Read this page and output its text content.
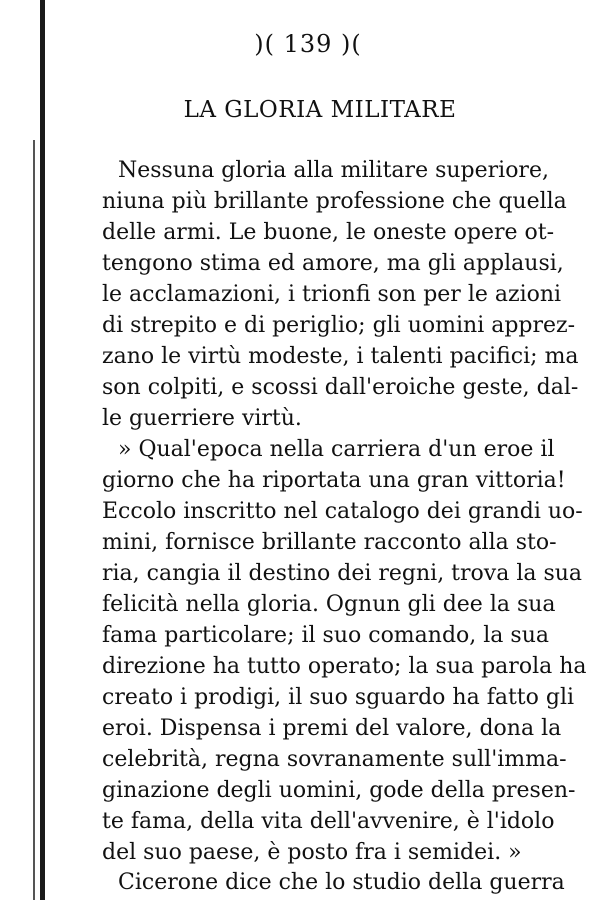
)( 139 )(
LA GLORIA MILITARE
Nessuna gloria alla militare superiore,
niuna più brillante professione che quella
delle armi. Le buone, le oneste opere ot-
tengono stima ed amore, ma gli applausi,
le acclamazioni, i trionfi son per le azioni
di strepito e di periglio; gli uomini apprez-
zano le virtù modeste, i talenti pacifici; ma
son colpiti, e scossi dall'eroiche geste, dal-
le guerriere virtù.
» Qual'epoca nella carriera d'un eroe il
giorno che ha riportata una gran vittoria!
Eccolo inscritto nel catalogo dei grandi uo-
mini, fornisce brillante racconto alla sto-
ria, cangia il destino dei regni, trova la sua
felicità nella gloria. Ognun gli dee la sua
fama particolare; il suo comando, la sua
direzione ha tutto operato; la sua parola ha
creato i prodigi, il suo sguardo ha fatto gli
eroi. Dispensa i premi del valore, dona la
celebrità, regna sovranamente sull'imma-
ginazione degli uomini, gode della presen-
te fama, della vita dell'avvenire, è l'idolo
del suo paese, è posto fra i semidei. »
Cicerone dice che lo studio della guerra
